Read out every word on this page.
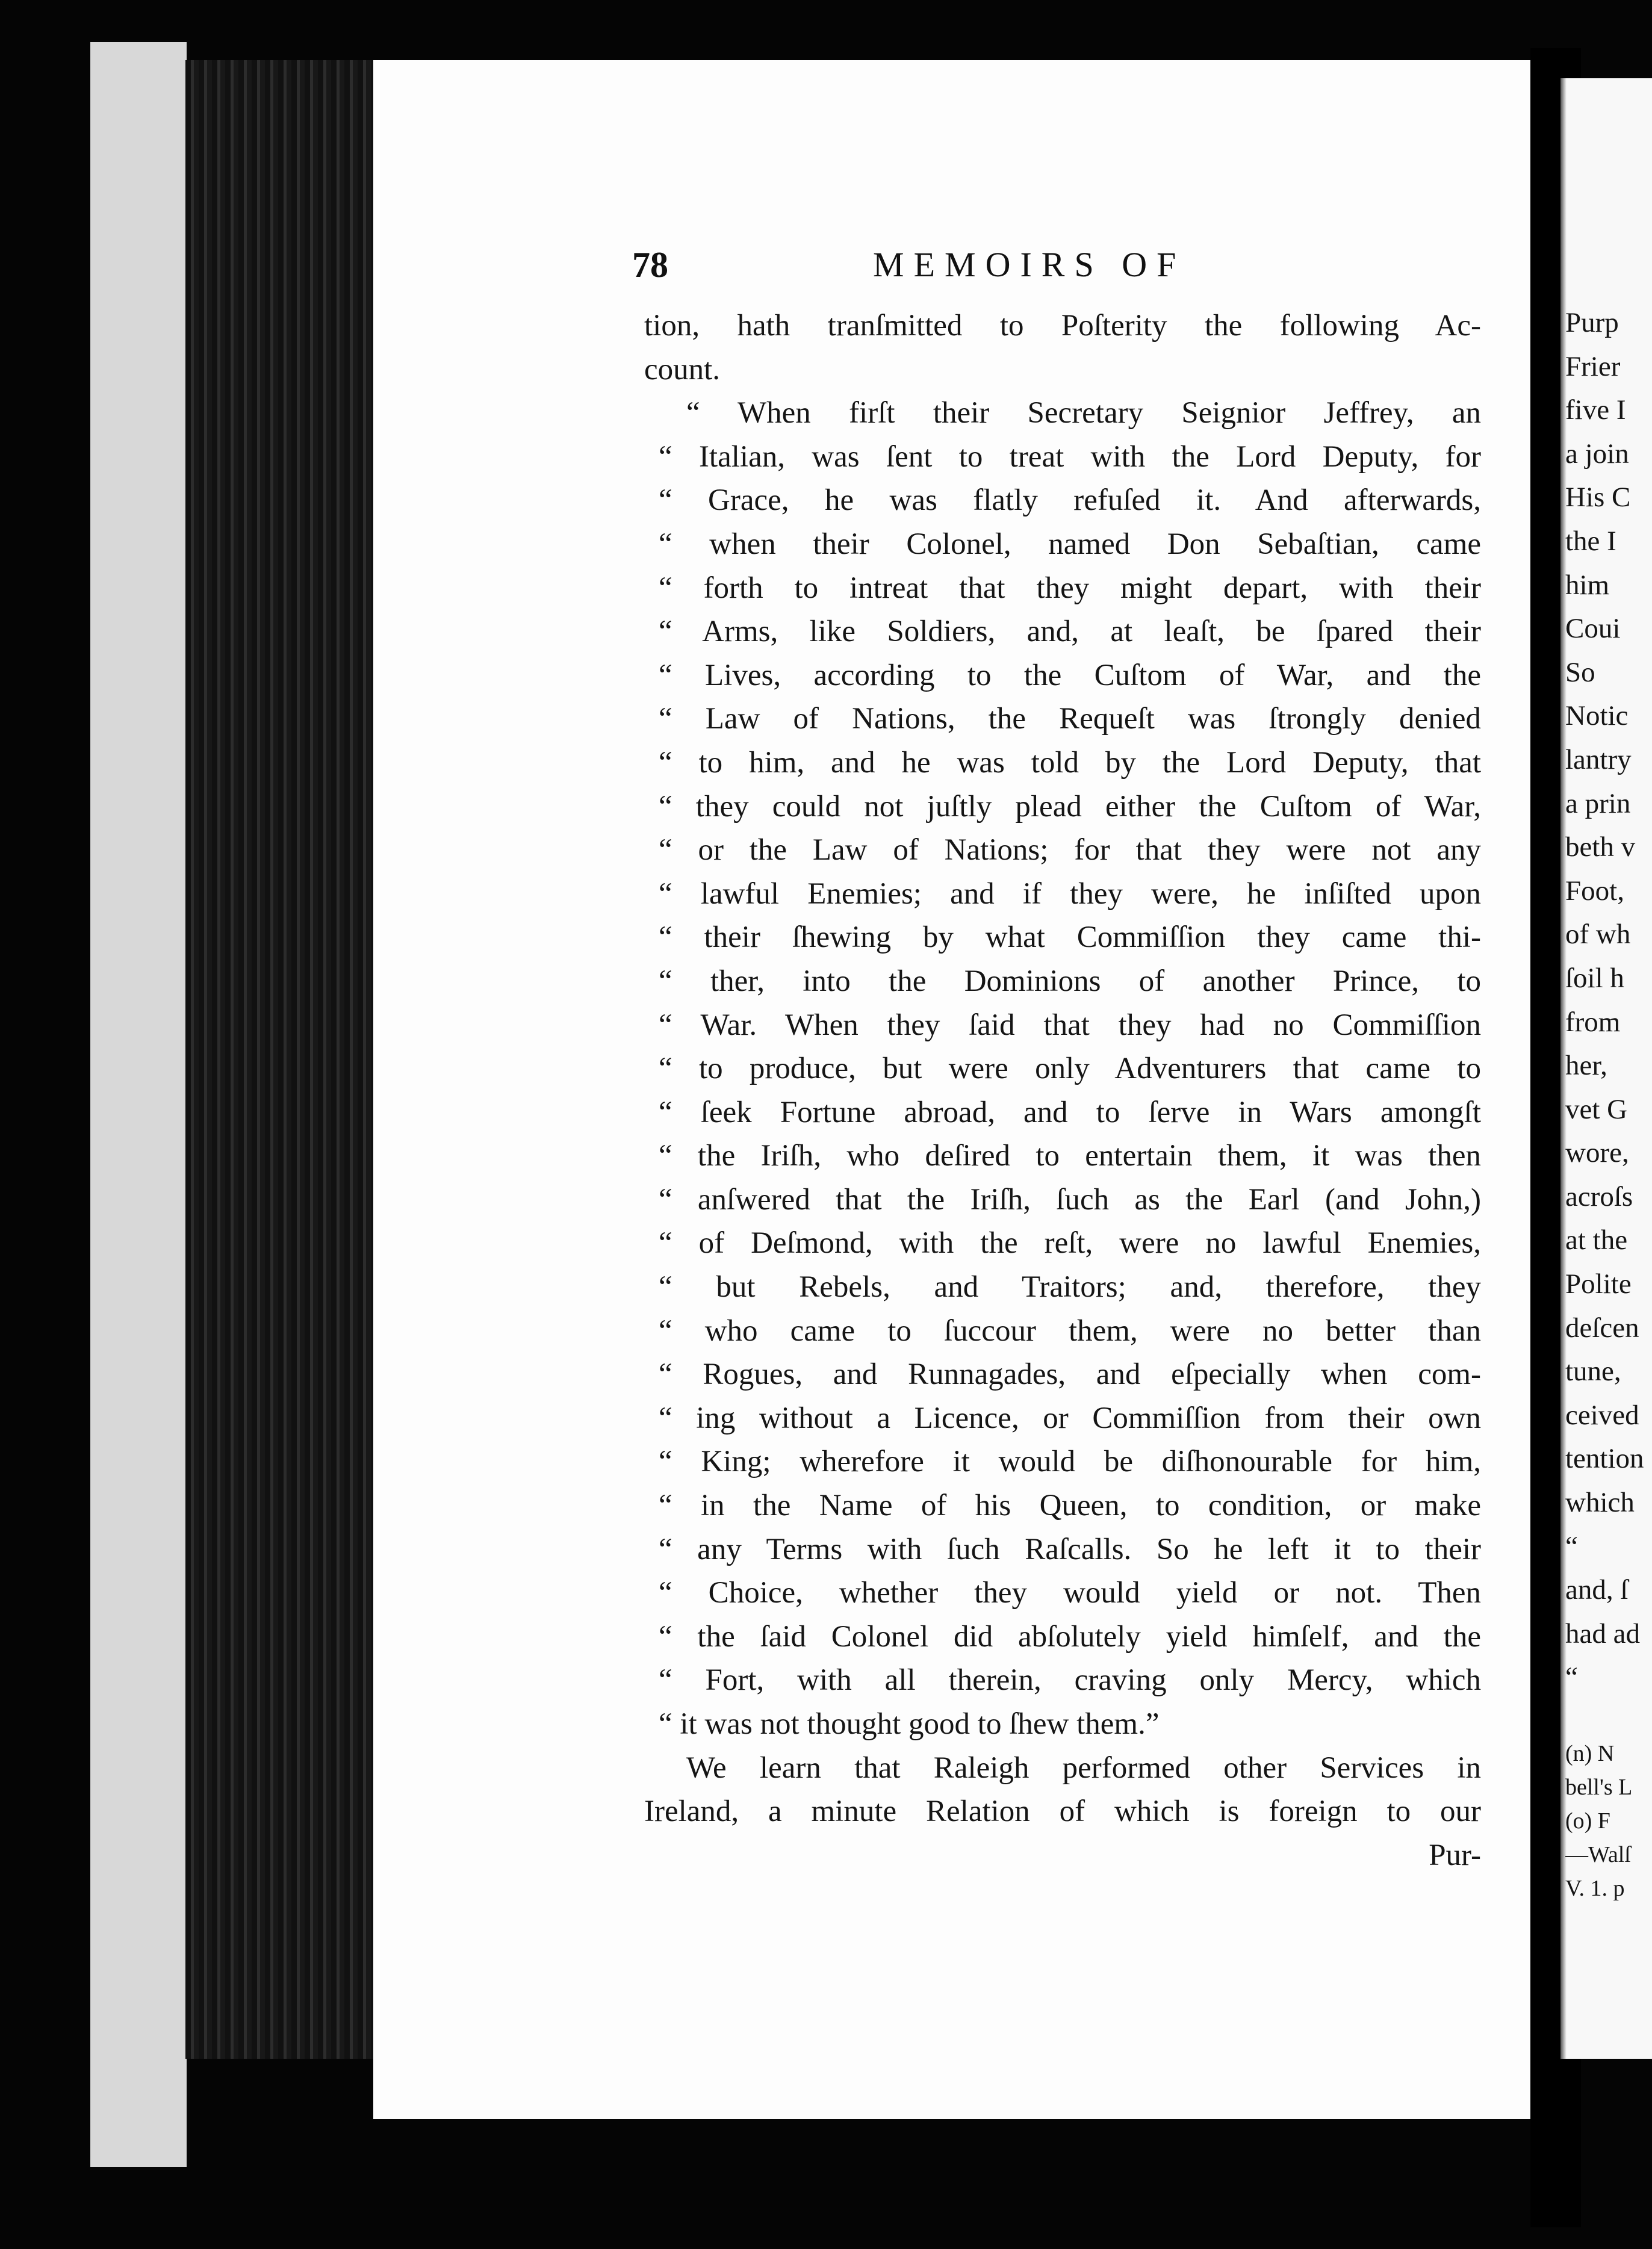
78	MEMOIRS OF
tion, hath tranſmitted to Poſterity the following Ac-
count.
“ When firſt their Secretary Seignior Jeffrey, an
“ Italian, was ſent to treat with the Lord Deputy, for
“ Grace, he was flatly refuſed it. And afterwards,
“ when their Colonel, named Don Sebaſtian, came
“ forth to intreat that they might depart, with their
“ Arms, like Soldiers, and, at leaſt, be ſpared their
“ Lives, according to the Cuſtom of War, and the
“ Law of Nations, the Requeſt was ſtrongly denied
“ to him, and he was told by the Lord Deputy, that
“ they could not juſtly plead either the Cuſtom of War,
“ or the Law of Nations; for that they were not any
“ lawful Enemies; and if they were, he inſiſted upon
“ their ſhewing by what Commiſſion they came thi-
“ ther, into the Dominions of another Prince, to
“ War. When they ſaid that they had no Commiſſion
“ to produce, but were only Adventurers that came to
“ ſeek Fortune abroad, and to ſerve in Wars amongſt
“ the Iriſh, who deſired to entertain them, it was then
“ anſwered that the Iriſh, ſuch as the Earl (and John,)
“ of Deſmond, with the reſt, were no lawful Enemies,
“ but Rebels, and Traitors; and, therefore, they
“ who came to ſuccour them, were no better than
“ Rogues, and Runnagades, and eſpecially when com-
“ ing without a Licence, or Commiſſion from their own
“ King; wherefore it would be diſhonourable for him,
“ in the Name of his Queen, to condition, or make
“ any Terms with ſuch Raſcalls. So he left it to their
“ Choice, whether they would yield or not. Then
“ the ſaid Colonel did abſolutely yield himſelf, and the
“ Fort, with all therein, craving only Mercy, which
“ it was not thought good to ſhew them.”
We learn that Raleigh performed other Services in
Ireland, a minute Relation of which is foreign to our
Pur-
Purp
Frier
five I
a join
His C
the I
him
Coui
So
Notic
lantry
a prin
beth v
Foot,
of wh
ſoil h
from
her,
vet G
wore,
acroſs
at the
Polite
deſcen
tune,
ceived
tention
which
“
and, ſ
had ad
“
(n) N
bell's L
(o) F
—Walſ
V. 1. p
